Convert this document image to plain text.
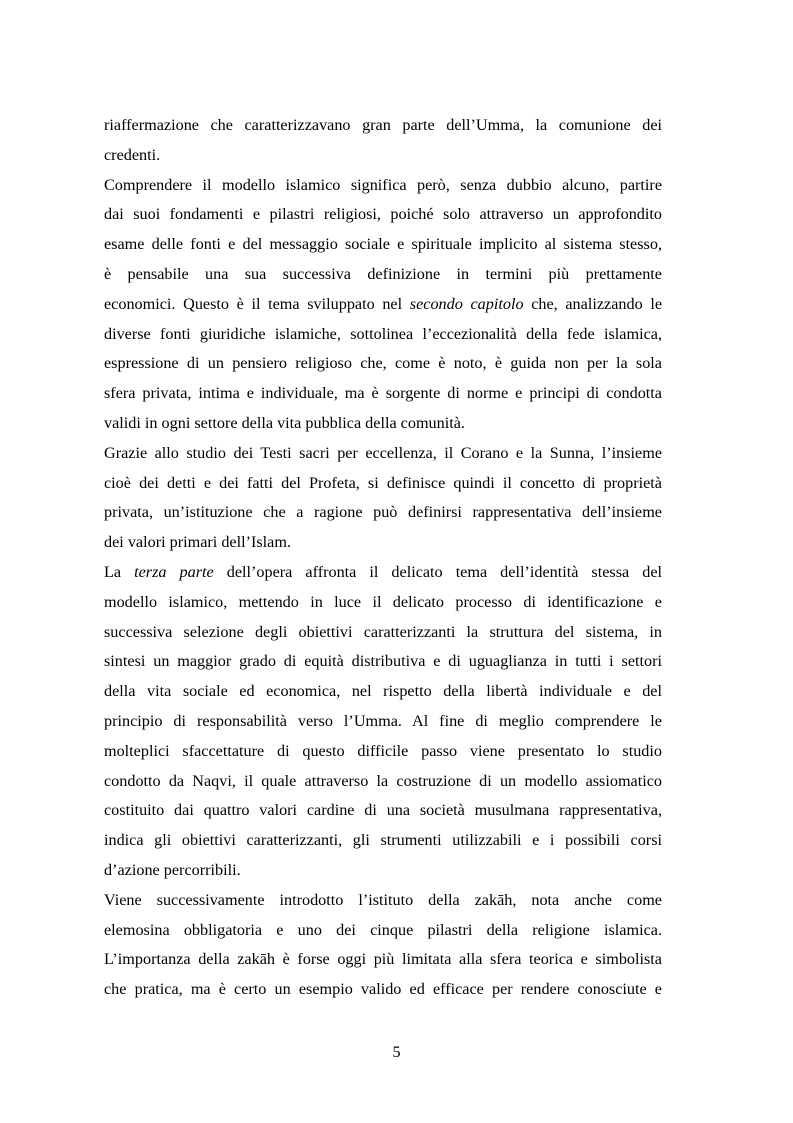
riaffermazione che caratterizzavano gran parte dell’Umma, la comunione dei
credenti.
Comprendere il modello islamico significa però, senza dubbio alcuno, partire
dai suoi fondamenti e pilastri religiosi, poiché solo attraverso un approfondito
esame delle fonti e del messaggio sociale e spirituale implicito al sistema stesso,
è pensabile una sua successiva definizione in termini più prettamente
economici. Questo è il tema sviluppato nel secondo capitolo che, analizzando le
diverse fonti giuridiche islamiche, sottolinea l’eccezionalità della fede islamica,
espressione di un pensiero religioso che, come è noto, è guida non per la sola
sfera privata, intima e individuale, ma è sorgente di norme e principi di condotta
validi in ogni settore della vita pubblica della comunità.
Grazie allo studio dei Testi sacri per eccellenza, il Corano e la Sunna, l’insieme
cioè dei detti e dei fatti del Profeta, si definisce quindi il concetto di proprietà
privata, un’istituzione che a ragione può definirsi rappresentativa dell’insieme
dei valori primari dell’Islam.
La terza parte dell’opera affronta il delicato tema dell’identità stessa del
modello islamico, mettendo in luce il delicato processo di identificazione e
successiva selezione degli obiettivi caratterizzanti la struttura del sistema, in
sintesi un maggior grado di equità distributiva e di uguaglianza in tutti i settori
della vita sociale ed economica, nel rispetto della libertà individuale e del
principio di responsabilità verso l’Umma. Al fine di meglio comprendere le
molteplici sfaccettature di questo difficile passo viene presentato lo studio
condotto da Naqvi, il quale attraverso la costruzione di un modello assiomatico
costituito dai quattro valori cardine di una società musulmana rappresentativa,
indica gli obiettivi caratterizzanti, gli strumenti utilizzabili e i possibili corsi
d’azione percorribili.
Viene successivamente introdotto l’istituto della zakāh, nota anche come
elemosina obbligatoria e uno dei cinque pilastri della religione islamica.
L’importanza della zakāh è forse oggi più limitata alla sfera teorica e simbolista
che pratica, ma è certo un esempio valido ed efficace per rendere conosciute e
5
